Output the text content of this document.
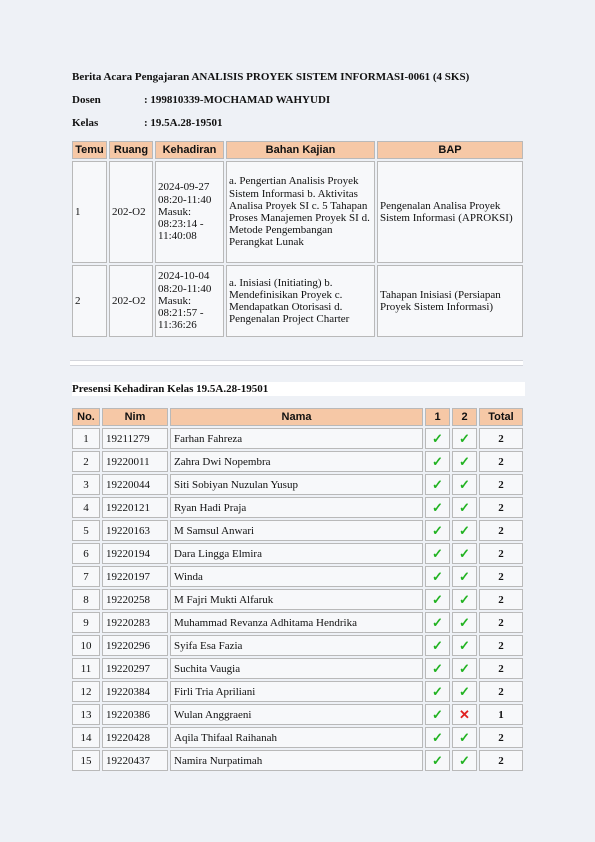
Berita Acara Pengajaran ANALISIS PROYEK SISTEM INFORMASI-0061 (4 SKS)
Dosen	: 199810339-MOCHAMAD WAHYUDI
Kelas	: 19.5A.28-19501
Temu	Ruang	Kehadiran	Bahan Kajian	BAP
1	202-O2	2024-09-27 08:20-11:40 Masuk: 08:23:14 - 11:40:08	a. Pengertian Analisis Proyek Sistem Informasi b. Aktivitas Analisa Proyek SI c. 5 Tahapan Proses Manajemen Proyek SI d. Metode Pengembangan Perangkat Lunak	Pengenalan Analisa Proyek Sistem Informasi (APROKSI)
2	202-O2	2024-10-04 08:20-11:40 Masuk: 08:21:57 - 11:36:26	a. Inisiasi (Initiating) b. Mendefinisikan Proyek c. Mendapatkan Otorisasi d. Pengenalan Project Charter	Tahapan Inisiasi (Persiapan Proyek Sistem Informasi)
Presensi Kehadiran Kelas 19.5A.28-19501
No.	Nim	Nama	1	2	Total
1	19211279	Farhan Fahreza	✓	✓	2
2	19220011	Zahra Dwi Nopembra	✓	✓	2
3	19220044	Siti Sobiyan Nuzulan Yusup	✓	✓	2
4	19220121	Ryan Hadi Praja	✓	✓	2
5	19220163	M Samsul Anwari	✓	✓	2
6	19220194	Dara Lingga Elmira	✓	✓	2
7	19220197	Winda	✓	✓	2
8	19220258	M Fajri Mukti Alfaruk	✓	✓	2
9	19220283	Muhammad Revanza Adhitama Hendrika	✓	✓	2
10	19220296	Syifa Esa Fazia	✓	✓	2
11	19220297	Suchita Vaugia	✓	✓	2
12	19220384	Firli Tria Apriliani	✓	✓	2
13	19220386	Wulan Anggraeni	✓	✕	1
14	19220428	Aqila Thifaal Raihanah	✓	✓	2
15	19220437	Namira Nurpatimah	✓	✓	2
